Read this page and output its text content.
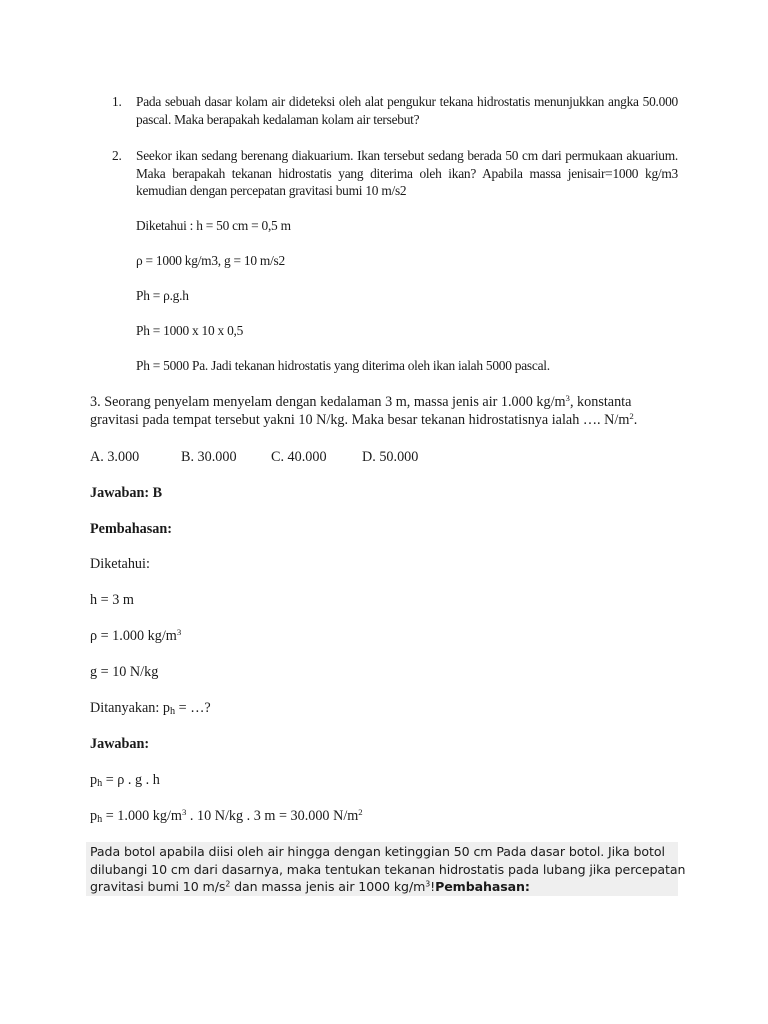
1. Pada sebuah dasar kolam air dideteksi oleh alat pengukur tekana hidrostatis menunjukkan angka 50.000 pascal. Maka berapakah kedalaman kolam air tersebut?
2. Seekor ikan sedang berenang diakuarium. Ikan tersebut sedang berada 50 cm dari permukaan akuarium. Maka berapakah tekanan hidrostatis yang diterima oleh ikan? Apabila massa jenisair=1000 kg/m3 kemudian dengan percepatan gravitasi bumi 10 m/s2
Diketahui : h = 50 cm = 0,5 m
ρ = 1000 kg/m3, g = 10 m/s2
Ph = ρ.g.h
Ph = 1000 x 10 x 0,5
Ph = 5000 Pa. Jadi tekanan hidrostatis yang diterima oleh ikan ialah 5000 pascal.
3. Seorang penyelam menyelam dengan kedalaman 3 m, massa jenis air 1.000 $kg/m^3$, konstanta
gravitasi pada tempat tersebut yakni 10 N/kg. Maka besar tekanan hidrostatisnya ialah …. $N/m^2$.
A. 3.000	B. 30.000 C. 40.000 D. 50.000
Jawaban: B
Pembahasan:
Diketahui:
h = 3 m
ρ = 1.000 $kg/m^3$
g = 10 N/kg
Ditanyakan: $p_h$ = …?
Jawaban:
$p_h = \rho$ . g . h
$p_h = 1.000$ $kg/m^3$ . 10 N/kg . 3 m = 30.000 $N/m^2$
Pada botol apabila diisi oleh air hingga dengan ketinggian 50 cm Pada dasar botol. Jika botol
dilubangi 10 cm dari dasarnya, maka tentukan tekanan hidrostatis pada lubang jika percepatan
gravitasi bumi 10 $m/s^2$ dan massa jenis air 1000 $kg/m^3!Pembahasan$:
